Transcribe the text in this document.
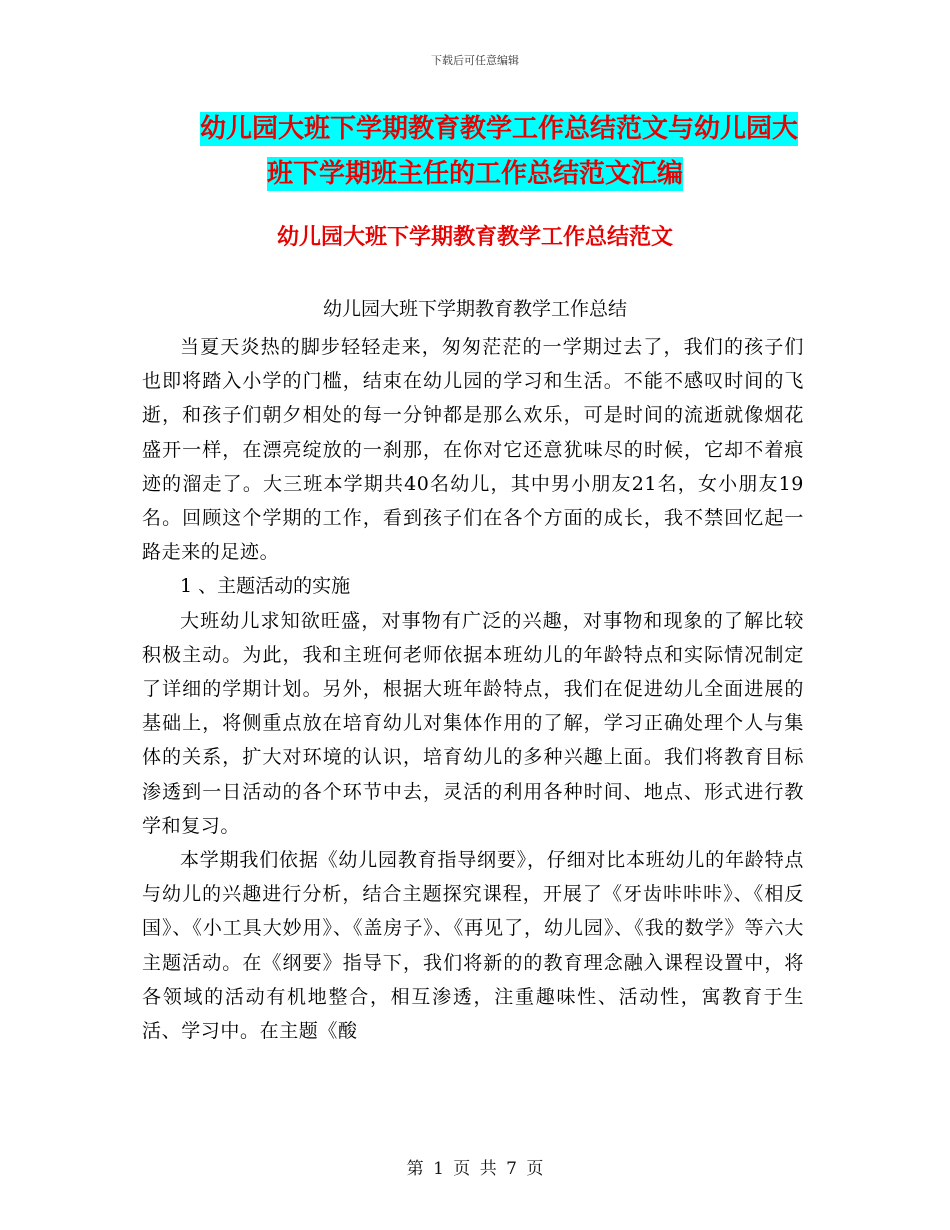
下载后可任意编辑
幼儿园大班下学期教育教学工作总结范文与幼儿园大
班下学期班主任的工作总结范文汇编
幼儿园大班下学期教育教学工作总结范文
幼儿园大班下学期教育教学工作总结

当夏天炎热的脚步轻轻走来，匆匆茫茫的一学期过去了，我们的孩子们也即将踏入小学的门槛，结束在幼儿园的学习和生活。不能不感叹时间的飞逝，和孩子们朝夕相处的每一分钟都是那么欢乐，可是时间的流逝就像烟花盛开一样，在漂亮绽放的一刹那，在你对它还意犹味尽的时候，它却不着痕迹的溜走了。大三班本学期共40名幼儿，其中男小朋友21名，女小朋友19名。回顾这个学期的工作，看到孩子们在各个方面的成长，我不禁回忆起一路走来的足迹。

1 、主题活动的实施

大班幼儿求知欲旺盛，对事物有广泛的兴趣，对事物和现象的了解比较积极主动。为此，我和主班何老师依据本班幼儿的年龄特点和实际情况制定了详细的学期计划。另外，根据大班年龄特点，我们在促进幼儿全面进展的基础上，将侧重点放在培育幼儿对集体作用的了解，学习正确处理个人与集体的关系，扩大对环境的认识，培育幼儿的多种兴趣上面。我们将教育目标渗透到一日活动的各个环节中去，灵活的利用各种时间、地点、形式进行教学和复习。

本学期我们依据《幼儿园教育指导纲要》，仔细对比本班幼儿的年龄特点与幼儿的兴趣进行分析，结合主题探究课程，开展了《牙齿咔咔咔》、《相反国》、《小工具大妙用》、《盖房子》、《再见了，幼儿园》、《我的数学》等六大主题活动。在《纲要》指导下，我们将新的的教育理念融入课程设置中，将各领域的活动有机地整合，相互渗透，注重趣味性、活动性，寓教育于生活、学习中。在主题《酸

第 1 页 共 7 页
